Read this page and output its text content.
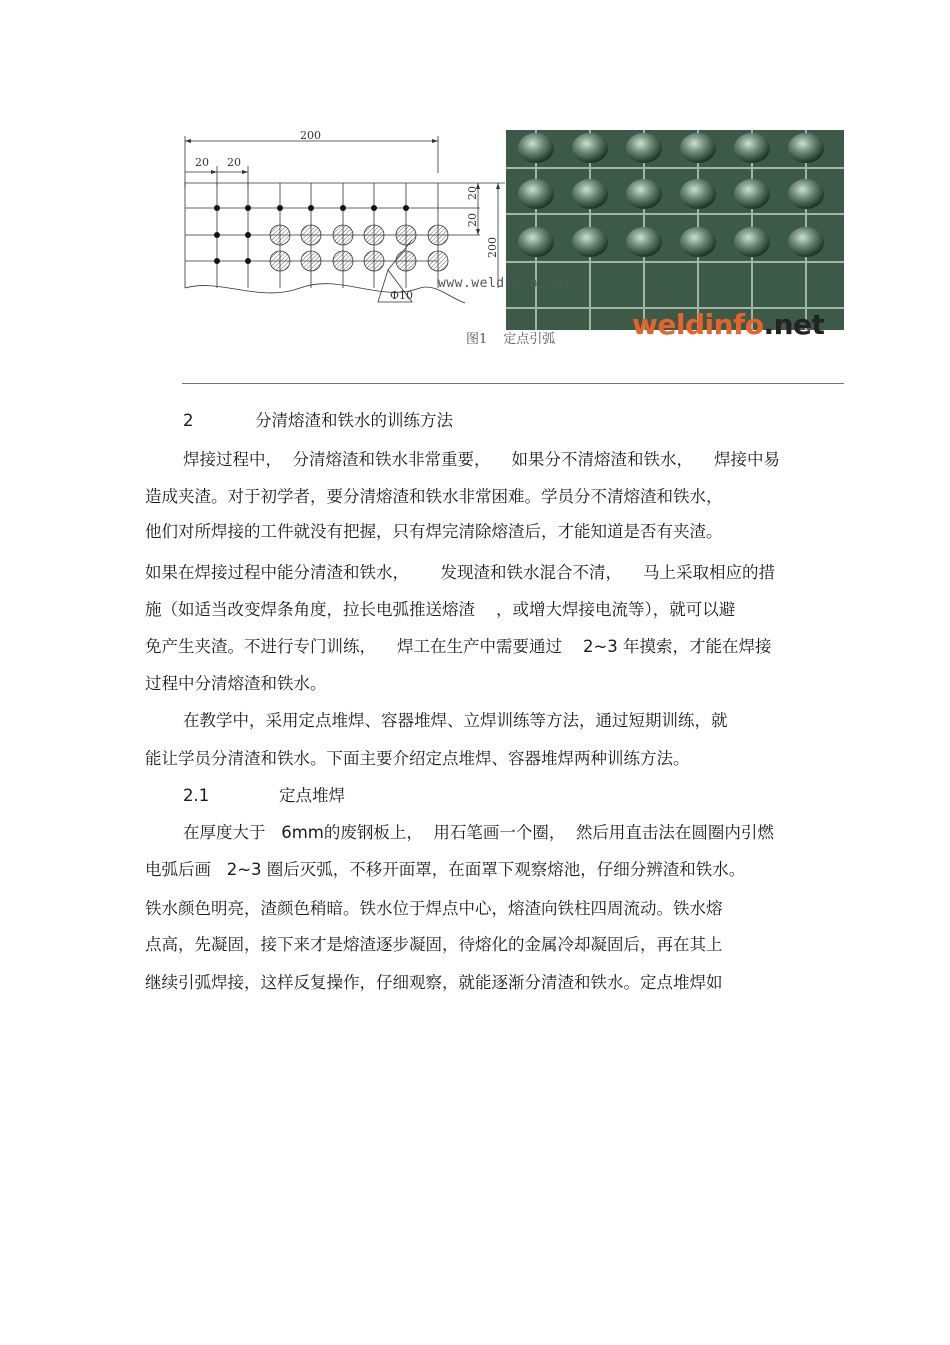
200
20 20
20
20
200
Φ10
www.weldinfo.net
weldinfo.net
图1 定点引弧
2	分清熔渣和铁水的训练方法
焊接过程中，  分清熔渣和铁水非常重要，    如果分不清熔渣和铁水，    焊接中易
造成夹渣。对于初学者，要分清熔渣和铁水非常困难。学员分不清熔渣和铁水，
他们对所焊接的工件就没有把握，只有焊完清除熔渣后，才能知道是否有夹渣。
如果在焊接过程中能分清渣和铁水，      发现渣和铁水混合不清，    马上采取相应的措
施（如适当改变焊条角度，拉长电弧推送熔渣    ，或增大焊接电流等），就可以避
免产生夹渣。不进行专门训练，    焊工在生产中需要通过    2~3 年摸索，才能在焊接
过程中分清熔渣和铁水。
在教学中，采用定点堆焊、容器堆焊、立焊训练等方法，通过短期训练，就
能让学员分清渣和铁水。下面主要介绍定点堆焊、容器堆焊两种训练方法。
2.1	定点堆焊
在厚度大于   6mm的废钢板上，  用石笔画一个圈，  然后用直击法在圆圈内引燃
电弧后画   2~3 圈后灭弧，不移开面罩，在面罩下观察熔池，仔细分辨渣和铁水。
铁水颜色明亮，渣颜色稍暗。铁水位于焊点中心，熔渣向铁柱四周流动。铁水熔
点高，先凝固，接下来才是熔渣逐步凝固，待熔化的金属冷却凝固后，再在其上
继续引弧焊接，这样反复操作，仔细观察，就能逐渐分清渣和铁水。定点堆焊如
